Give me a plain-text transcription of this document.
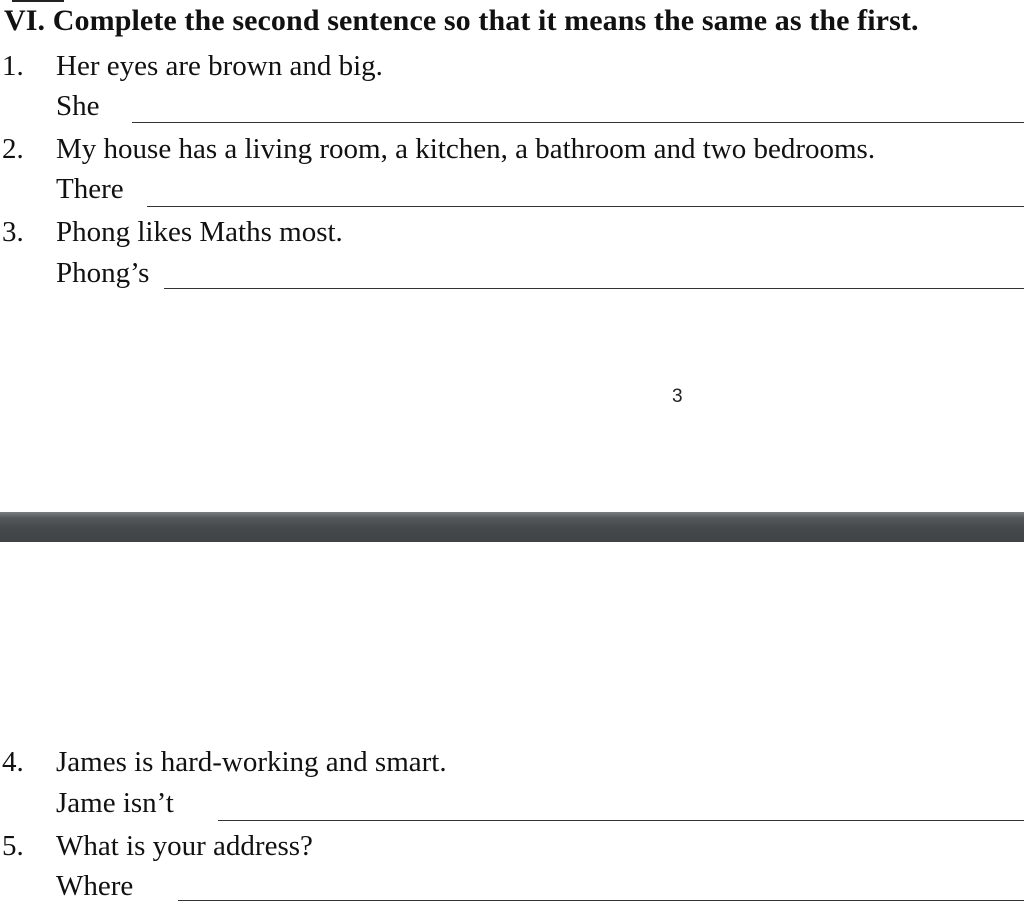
VI. Complete the second sentence so that it means the same as the first.
1. Her eyes are brown and big.
She
2. My house has a living room, a kitchen, a bathroom and two bedrooms.
There
3. Phong likes Maths most.
Phong’s
3
4. James is hard-working and smart.
Jame isn’t
5. What is your address?
Where
